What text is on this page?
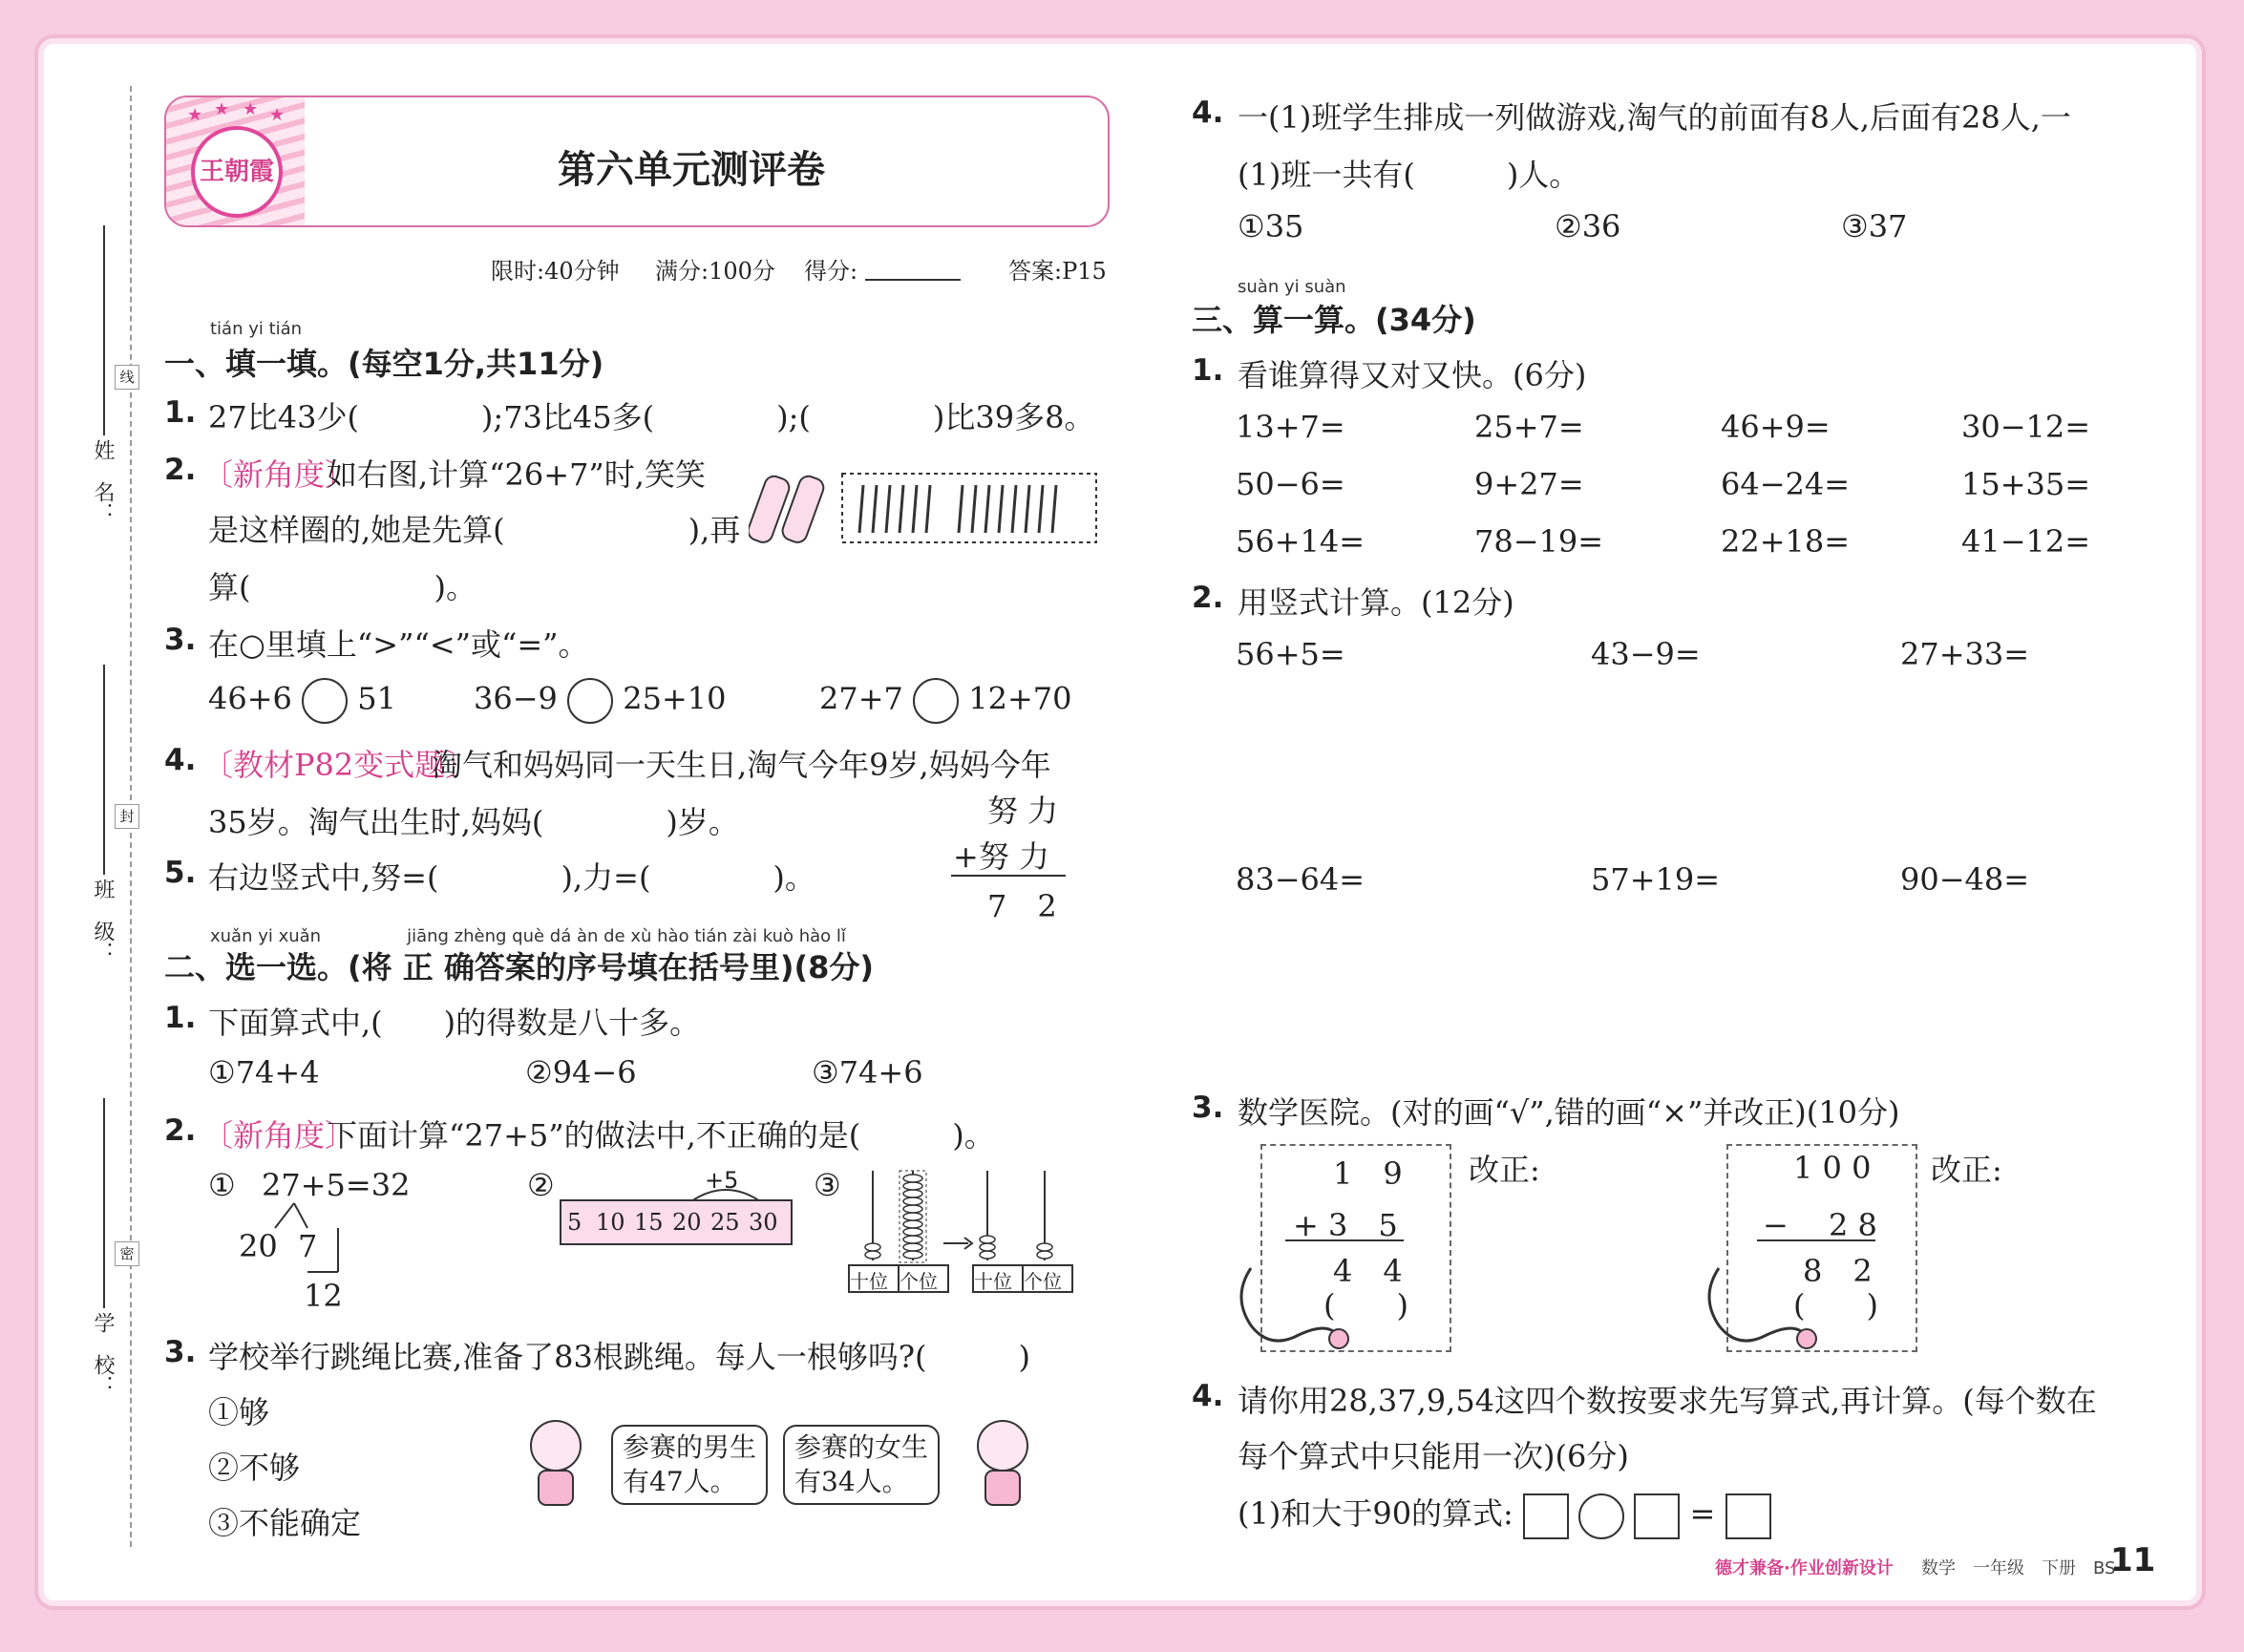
线
封
密
姓　名：
班　级：
学　校：
★ ★ ★ ★
王朝霞	第六单元测评卷
限时:40分钟 满分:100分 得分:	答案:P15
tián yi tián
一、填一填。(每空1分,共11分)
1. 27比43少(　　　　);73比45多(　　　　);(　　　　)比39多8。
2. 〔新角度〕
如右图,计算“26+7”时,笑笑
是这样圈的,她是先算(　　　　　　),再
算(　　　　　　)。
3. 在○里填上“>”“<”或“=”。
46+6 51	36−9 25+10	27+7 12+70
4. 〔教材P82变式题〕
淘气和妈妈同一天生日,淘气今年9岁,妈妈今年
35岁。淘气出生时,妈妈(　　　　)岁。	努 力
+努 力
7　2
5. 右边竖式中,努=(　　　　),力=(　　　　)。
xuǎn yi xuǎn　　　　　jiāng zhèng què dá àn de xù hào tián zài kuò hào lǐ
二、选一选。(将 正 确答案的序号填在括号里)(8分)
1. 下面算式中,(　　)的得数是八十多。
①74+4	②94−6	③74+6
2. 〔新角度〕
下面计算“27+5”的做法中,不正确的是(　　　)。
① 27+5=32
20 7
12
②	+5
5 10 15 20 25 30
③
十位 个位	十位 个位
3. 学校举行跳绳比赛,准备了83根跳绳。每人一根够吗?(　　　)
①够
②不够
③不能确定
参赛的男生
有47人。
参赛的女生
有34人。
4. 一(1)班学生排成一列做游戏,淘气的前面有8人,后面有28人,一
(1)班一共有(　　　)人。
①35	②36	③37
suàn yi suàn
三、算一算。(34分)
1. 看谁算得又对又快。(6分)
13+7=	25+7=	46+9=	30−12=
50−6=	9+27=	64−24=	15+35=
56+14=	78−19=	22+18=	41−12=
2. 用竖式计算。(12分)
56+5=	43−9=	27+33=
83−64=	57+19=	90−48=
3. 数学医院。(对的画“√”,错的画“×”并改正)(10分)
1　9
+ 3　5
4　4
(　　)
改正:	1 0 0
− 　2 8
8　2
(　　)
改正:
4. 请你用28,37,9,54这四个数按要求先写算式,再计算。(每个数在
每个算式中只能用一次)(6分)
(1)和大于90的算式:	=
德才兼备·作业创新设计 数学　一年级　下册　BS
11
